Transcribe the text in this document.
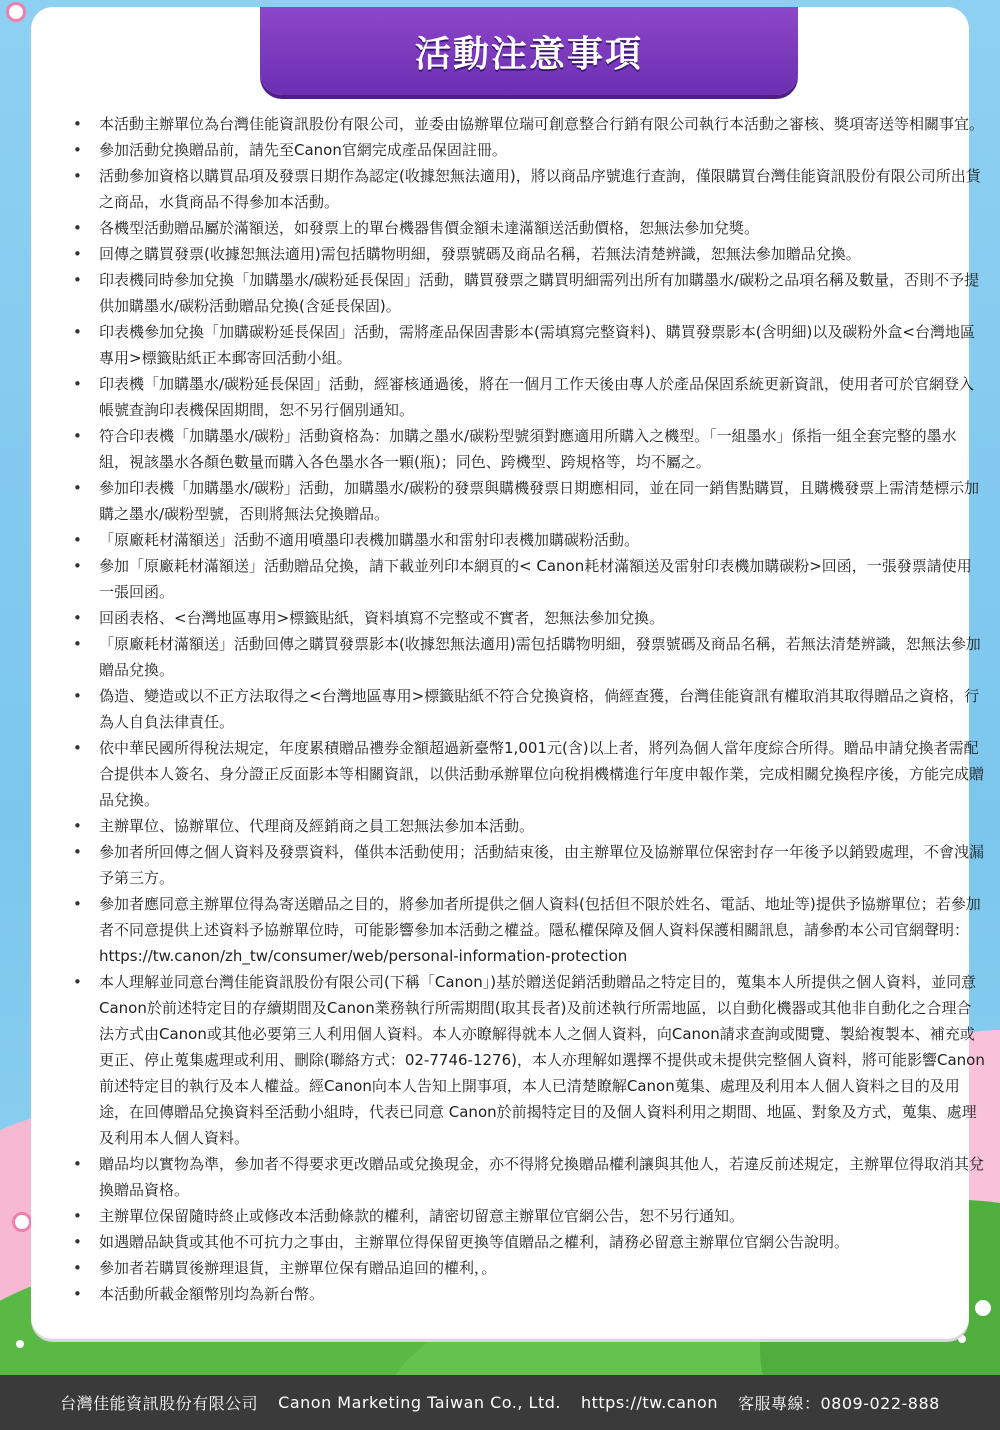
活動注意事項
• 本活動主辦單位為台灣佳能資訊股份有限公司，並委由協辦單位瑞可創意整合行銷有限公司執行本活動之審核、獎項寄送等相關事宜。
• 參加活動兌換贈品前，請先至Canon官網完成產品保固註冊。
• 活動參加資格以購買品項及發票日期作為認定(收據恕無法適用)，將以商品序號進行查詢，僅限購買台灣佳能資訊股份有限公司所出貨之商品，水貨商品不得參加本活動。
• 各機型活動贈品屬於滿額送，如發票上的單台機器售價金額未達滿額送活動價格，恕無法參加兌獎。
• 回傳之購買發票(收據恕無法適用)需包括購物明細，發票號碼及商品名稱，若無法清楚辨識，恕無法參加贈品兌換。
• 印表機同時參加兌換「加購墨水/碳粉延長保固」活動，購買發票之購買明細需列出所有加購墨水/碳粉之品項名稱及數量，否則不予提供加購墨水/碳粉活動贈品兌換(含延長保固)。
• 印表機參加兌換「加購碳粉延長保固」活動，需將產品保固書影本(需填寫完整資料)、購買發票影本(含明細)以及碳粉外盒<台灣地區專用>標籤貼紙正本郵寄回活動小組。
• 印表機「加購墨水/碳粉延長保固」活動，經審核通過後，將在一個月工作天後由專人於產品保固系統更新資訊，使用者可於官網登入帳號查詢印表機保固期間，恕不另行個別通知。
• 符合印表機「加購墨水/碳粉」活動資格為：加購之墨水/碳粉型號須對應適用所購入之機型。「一組墨水」係指一組全套完整的墨水組，視該墨水各顏色數量而購入各色墨水各一顆(瓶)；同色、跨機型、跨規格等，均不屬之。
• 參加印表機「加購墨水/碳粉」活動，加購墨水/碳粉的發票與購機發票日期應相同，並在同一銷售點購買，且購機發票上需清楚標示加購之墨水/碳粉型號，否則將無法兌換贈品。
• 「原廠耗材滿額送」活動不適用噴墨印表機加購墨水和雷射印表機加購碳粉活動。
• 參加「原廠耗材滿額送」活動贈品兌換，請下載並列印本網頁的< Canon耗材滿額送及雷射印表機加購碳粉>回函，一張發票請使用一張回函。
• 回函表格、<台灣地區專用>標籤貼紙，資料填寫不完整或不實者，恕無法參加兌換。
• 「原廠耗材滿額送」活動回傳之購買發票影本(收據恕無法適用)需包括購物明細，發票號碼及商品名稱，若無法清楚辨識，恕無法參加贈品兌換。
• 偽造、變造或以不正方法取得之<台灣地區專用>標籤貼紙不符合兌換資格，倘經查獲，台灣佳能資訊有權取消其取得贈品之資格，行為人自負法律責任。
• 依中華民國所得稅法規定，年度累積贈品禮券金額超過新臺幣1,001元(含)以上者，將列為個人當年度綜合所得。贈品申請兌換者需配合提供本人簽名、身分證正反面影本等相關資訊，以供活動承辦單位向稅捐機構進行年度申報作業，完成相關兌換程序後，方能完成贈品兌換。
• 主辦單位、協辦單位、代理商及經銷商之員工恕無法參加本活動。
• 參加者所回傳之個人資料及發票資料，僅供本活動使用；活動結束後，由主辦單位及協辦單位保密封存一年後予以銷毀處理，不會洩漏予第三方。
• 參加者應同意主辦單位得為寄送贈品之目的，將參加者所提供之個人資料(包括但不限於姓名、電話、地址等)提供予協辦單位；若參加者不同意提供上述資料予協辦單位時，可能影響參加本活動之權益。隱私權保障及個人資料保護相關訊息，請參酌本公司官網聲明：https://tw.canon/zh_tw/consumer/web/personal-information-protection
• 本人理解並同意台灣佳能資訊股份有限公司(下稱「Canon」)基於贈送促銷活動贈品之特定目的，蒐集本人所提供之個人資料，並同意Canon於前述特定目的存續期間及Canon業務執行所需期間(取其長者)及前述執行所需地區，以自動化機器或其他非自動化之合理合法方式由Canon或其他必要第三人利用個人資料。本人亦瞭解得就本人之個人資料，向Canon請求查詢或閱覽、製給複製本、補充或更正、停止蒐集處理或利用、刪除(聯絡方式：02-7746-1276)，本人亦理解如選擇不提供或未提供完整個人資料，將可能影響Canon前述特定目的執行及本人權益。經Canon向本人告知上開事項，本人已清楚瞭解Canon蒐集、處理及利用本人個人資料之目的及用途，在回傳贈品兌換資料至活動小組時，代表已同意 Canon於前揭特定目的及個人資料利用之期間、地區、對象及方式，蒐集、處理及利用本人個人資料。
• 贈品均以實物為準，參加者不得要求更改贈品或兌換現金，亦不得將兌換贈品權利讓與其他人，若違反前述規定，主辦單位得取消其兌換贈品資格。
• 主辦單位保留隨時終止或修改本活動條款的權利，請密切留意主辦單位官網公告，恕不另行通知。
• 如遇贈品缺貨或其他不可抗力之事由，主辦單位得保留更換等值贈品之權利，請務必留意主辦單位官網公告說明。
• 參加者若購買後辦理退貨，主辦單位保有贈品追回的權利，。
• 本活動所載金額幣別均為新台幣。
台灣佳能資訊股份有限公司 Canon Marketing Taiwan Co., Ltd. https://tw.canon 客服專線：0809-022-888
